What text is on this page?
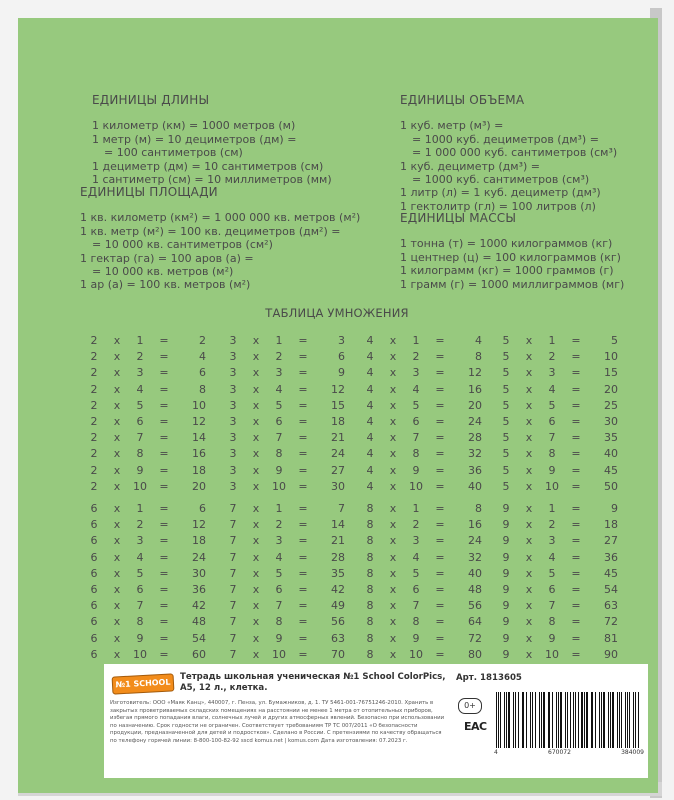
ЕДИНИЦЫ ДЛИНЫ
1 километр (км) = 1000 метров (м)
1 метр (м) = 10 дециметров (дм) =
= 100 сантиметров (см)
1 дециметр (дм) = 10 сантиметров (см)
1 сантиметр (см) = 10 миллиметров (мм)
ЕДИНИЦЫ ПЛОЩАДИ
1 кв. километр (км²) = 1 000 000 кв. метров (м²)
1 кв. метр (м²) = 100 кв. дециметров (дм²) =
= 10 000 кв. сантиметров (см²)
1 гектар (га) = 100 аров (а) =
= 10 000 кв. метров (м²)
1 ар (а) = 100 кв. метров (м²)
ЕДИНИЦЫ ОБЪЕМА
1 куб. метр (м³) =
= 1000 куб. дециметров (дм³) =
= 1 000 000 куб. сантиметров (см³)
1 куб. дециметр (дм³) =
= 1000 куб. сантиметров (см³)
1 литр (л) = 1 куб. дециметр (дм³)
1 гектолитр (гл) = 100 литров (л)
ЕДИНИЦЫ МАССЫ
1 тонна (т) = 1000 килограммов (кг)
1 центнер (ц) = 100 килограммов (кг)
1 килограмм (кг) = 1000 граммов (г)
1 грамм (г) = 1000 миллиграммов (мг)
ТАБЛИЦА УМНОЖЕНИЯ
2 x	1	=	2
2 x	2	=	4
2 x	3	=	6
2 x	4	=	8
2 x	5	=	10
2 x	6	=	12
2 x	7	=	14
2 x	8	=	16
2 x	9	=	18
2 x 10 =	20
3 x	1	=	3
3 x	2	=	6
3 x	3	=	9
3 x	4	=	12
3 x	5	=	15
3 x	6	=	18
3 x	7	=	21
3 x	8	=	24
3 x	9	=	27
3 x 10 =	30
4 x	1	=	4
4 x	2	=	8
4 x	3	=	12
4 x	4	=	16
4 x	5	=	20
4 x	6	=	24
4 x	7	=	28
4 x	8	=	32
4 x	9	=	36
4 x 10 =	40
5 x	1	=	5
5 x	2	=	10
5 x	3	=	15
5 x	4	=	20
5 x	5	=	25
5 x	6	=	30
5 x	7	=	35
5 x	8	=	40
5 x	9	=	45
5 x 10 =	50
6 x	1	=	6
6 x	2	=	12
6 x	3	=	18
6 x	4	=	24
6 x	5	=	30
6 x	6	=	36
6 x	7	=	42
6 x	8	=	48
6 x	9	=	54
6 x 10 =	60
7 x	1	=	7
7 x	2	=	14
7 x	3	=	21
7 x	4	=	28
7 x	5	=	35
7 x	6	=	42
7 x	7	=	49
7 x	8	=	56
7 x	9	=	63
7 x 10 =	70
8 x	1	=	8
8 x	2	=	16
8 x	3	=	24
8 x	4	=	32
8 x	5	=	40
8 x	6	=	48
8 x	7	=	56
8 x	8	=	64
8 x	9	=	72
8 x 10 =	80
9 x	1	=	9
9 x	2	=	18
9 x	3	=	27
9 x	4	=	36
9 x	5	=	45
9 x	6	=	54
9 x	7	=	63
9 x	8	=	72
9 x	9	=	81
9 x 10 =	90
№1 SCHOOL
Тетрадь школьная ученическая №1 School ColorPics, A5, 12 л., клетка.
Арт. 1813605
Изготовитель: ООО «Маяк Канц», 440007, г. Пенза, ул. Бумажников, д. 1. ТУ 5461-001-76751246-2010. Хранить в закрытых проветриваемых складских помещениях на расстоянии не менее 1 метра от отопительных приборов, избегая прямого попадания влаги, солнечных лучей и других атмосферных явлений. Безопасно при использовании по назначению. Срок годности не ограничен. Соответствует требованиям ТР ТС 007/2011 «О безопасности продукции, предназначенной для детей и подростков». Сделано в России. С претензиями по качеству обращаться по телефону горячей линии: 8-800-100-82-92 sscd komus.net | komus.com Дата изготовления: 07.2023 г.
0+
EAC
4	670072	384009
